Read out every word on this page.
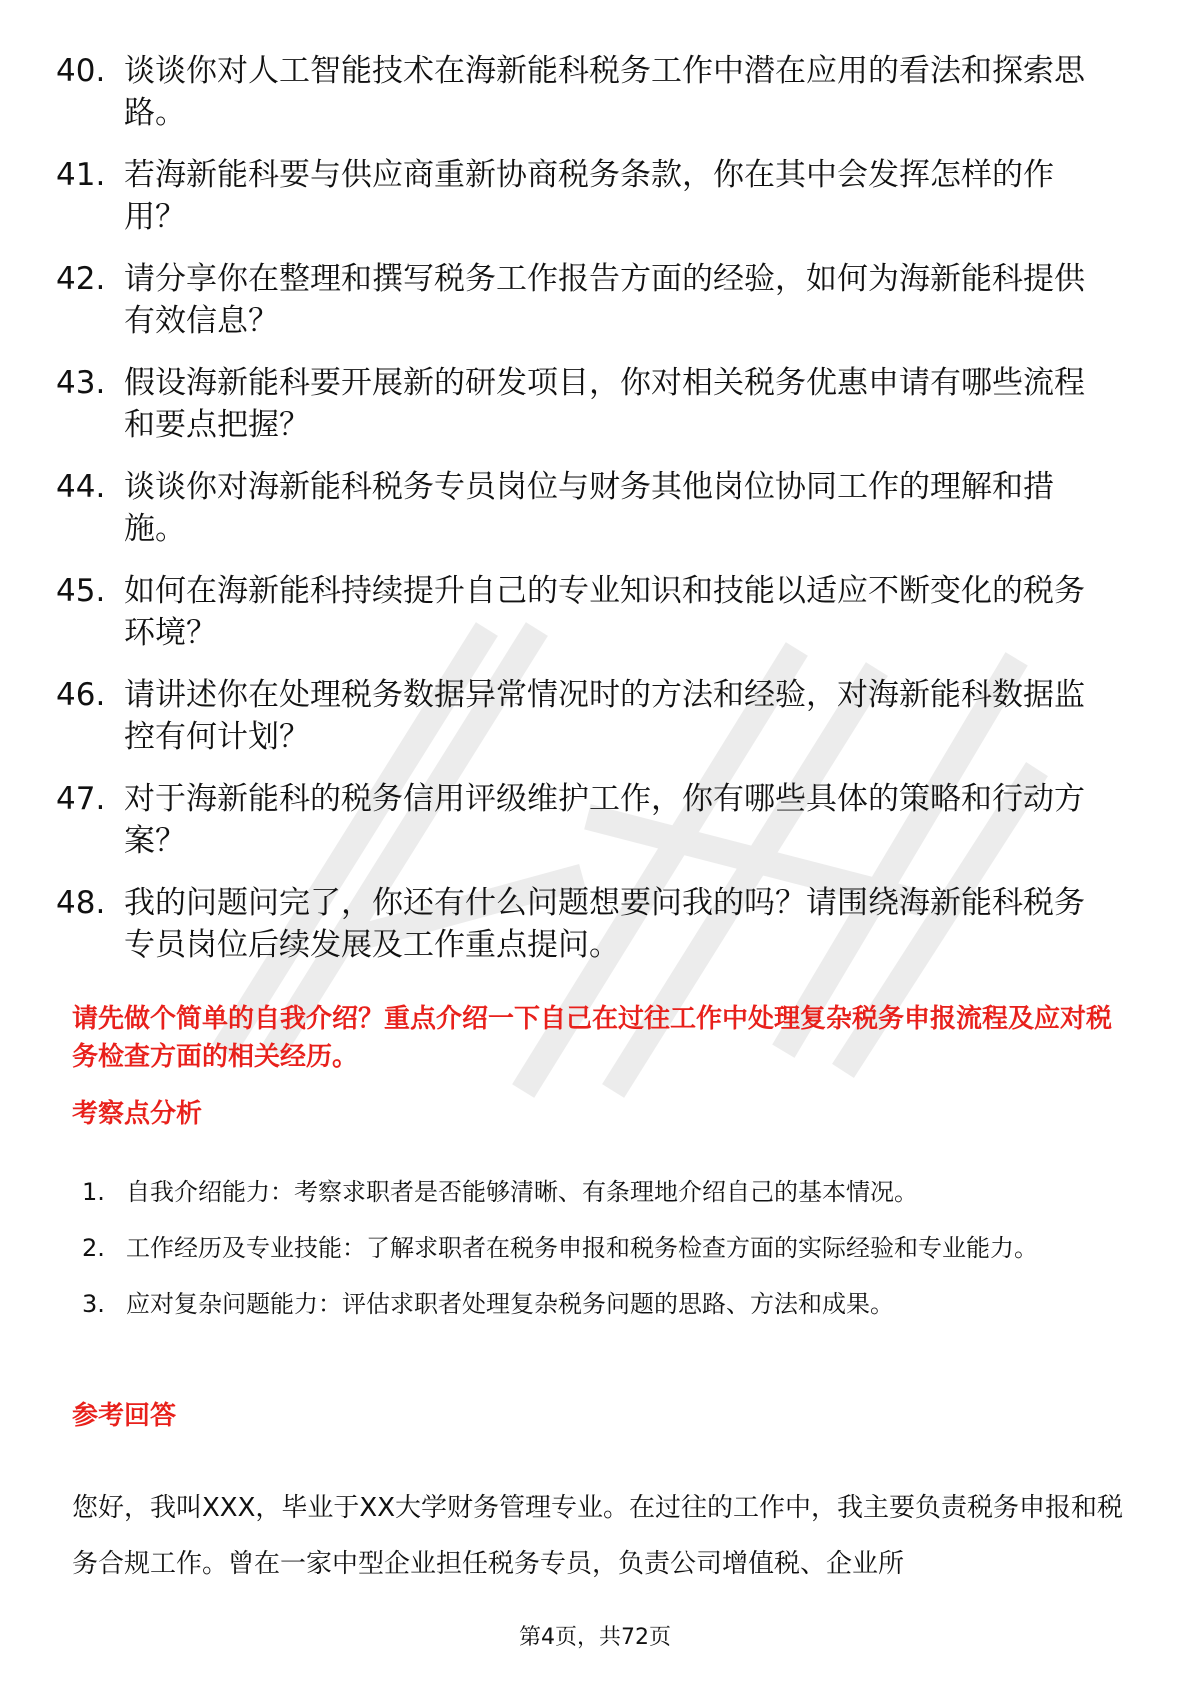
40. 谈谈你对人工智能技术在海新能科税务工作中潜在应用的看法和探索思路。
41. 若海新能科要与供应商重新协商税务条款，你在其中会发挥怎样的作用？
42. 请分享你在整理和撰写税务工作报告方面的经验，如何为海新能科提供有效信息？
43. 假设海新能科要开展新的研发项目，你对相关税务优惠申请有哪些流程和要点把握？
44. 谈谈你对海新能科税务专员岗位与财务其他岗位协同工作的理解和措施。
45. 如何在海新能科持续提升自己的专业知识和技能以适应不断变化的税务环境？
46. 请讲述你在处理税务数据异常情况时的方法和经验，对海新能科数据监控有何计划？
47. 对于海新能科的税务信用评级维护工作，你有哪些具体的策略和行动方案？
48. 我的问题问完了，你还有什么问题想要问我的吗？请围绕海新能科税务专员岗位后续发展及工作重点提问。

请先做个简单的自我介绍？重点介绍一下自己在过往工作中处理复杂税务申报流程及应对税务检查方面的相关经历。

考察点分析
1. 自我介绍能力：考察求职者是否能够清晰、有条理地介绍自己的基本情况。
2. 工作经历及专业技能：了解求职者在税务申报和税务检查方面的实际经验和专业能力。
3. 应对复杂问题能力：评估求职者处理复杂税务问题的思路、方法和成果。
参考回答

您好，我叫XXX，毕业于XX大学财务管理专业。在过往的工作中，我主要负责税务申报和税务合规工作。曾在一家中型企业担任税务专员，负责公司增值税、企业所

第4页，共72页
